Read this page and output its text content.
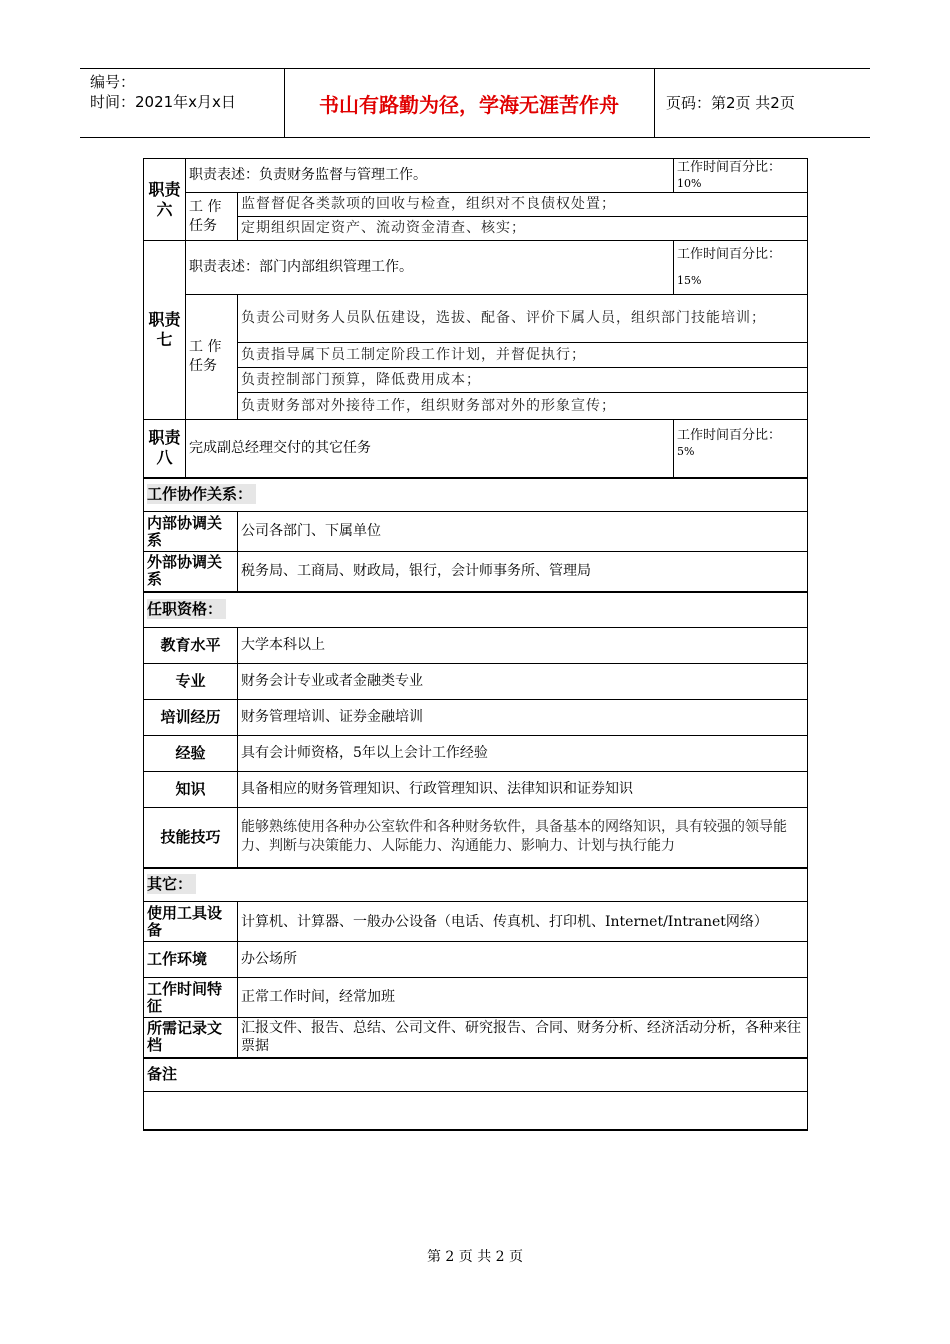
编号：
时间：2021年x月x日	书山有路勤为径，学海无涯苦作舟	页码：第2页 共2页
职责六	职责表述：负责财务监督与管理工作。		工作时间百分比：
10%

	工 作任务	监督督促各类款项的回收与检查，组织对不良债权处置；	
		定期组织固定资产、流动资金清查、核实；	
职责七	职责表述：部门内部组织管理工作。		工作时间百分比：
15%

	工 作任务	负责公司财务人员队伍建设，选拔、配备、评价下属人员，组织部门技能培训；	
		负责指导属下员工制定阶段工作计划，并督促执行；	
		负责控制部门预算，降低费用成本；	
		负责财务部对外接待工作，组织财务部对外的形象宣传；	
职责八	完成副总经理交付的其它任务		工作时间百分比：
5%

工作协作关系：			
内部协调关系		公司各部门、下属单位	
外部协调关系		税务局、工商局、财政局，银行，会计师事务所、管理局	
任职资格：			
教育水平		大学本科以上	
专业		财务会计专业或者金融类专业	
培训经历		财务管理培训、证券金融培训	
经验		具有会计师资格，5年以上会计工作经验	
知识		具备相应的财务管理知识、行政管理知识、法律知识和证券知识	
技能技巧		能够熟练使用各种办公室软件和各种财务软件，具备基本的网络知识，具有较强的领导能力、判断与决策能力、人际能力、沟通能力、影响力、计划与执行能力	
其它：			
使用工具设备		计算机、计算器、一般办公设备（电话、传真机、打印机、Internet/Intranet网络）	
工作环境		办公场所	
工作时间特征		正常工作时间，经常加班	
所需记录文档		汇报文件、报告、总结、公司文件、研究报告、合同、财务分析、经济活动分析，各种来往票据	
备注			

第 2 页 共 2 页
